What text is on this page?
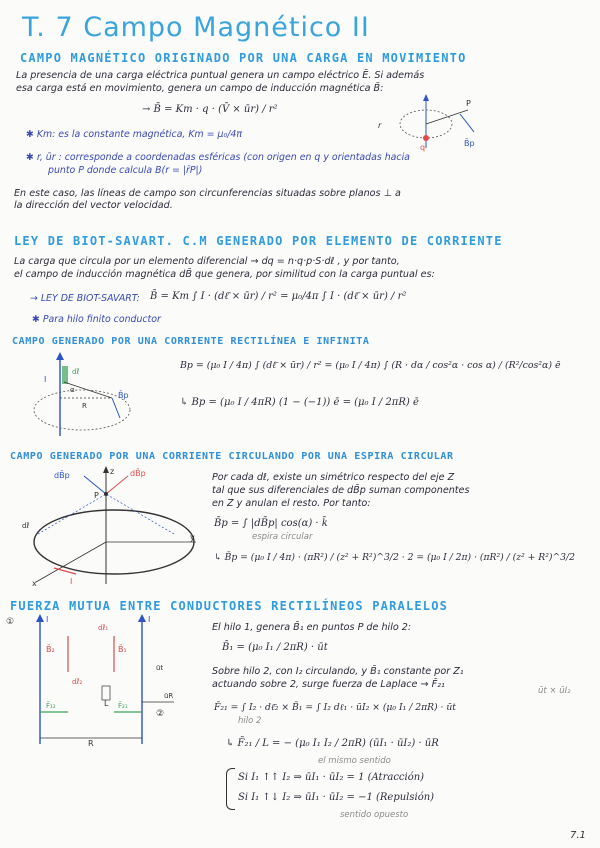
T. 7 Campo Magnético II
CAMPO MAGNÉTICO ORIGINADO POR UNA CARGA EN MOVIMIENTO
La presencia de una carga eléctrica puntual genera un campo eléctrico Ē. Si además
esa carga está en movimiento, genera un campo de inducción magnética B̄:
→ B̄ = Km · q · (V̄ × ūr) / r²
✱ Km: es la constante magnética, Km = μ₀/4π
✱ r, ūr : corresponde a coordenadas esféricas (con origen en q y orientadas hacia
punto P donde calcula B(r = |r̄P|)
En este caso, las líneas de campo son circunferencias situadas sobre planos ⊥ a
la dirección del vector velocidad.
r
q
P
B̄p
LEY DE BIOT-SAVART. C.M GENERADO POR ELEMENTO DE CORRIENTE
La carga que circula por un elemento diferencial → dq = n·q·p·S·dℓ , y por tanto,
el campo de inducción magnética dB̄ que genera, por similitud con la carga puntual es:
→ LEY DE BIOT-SAVART: B̄ = Km ∫ I · (dℓ̄ × ūr) / r² = μ₀/4π ∫ I · (dℓ̄ × ūr) / r²
✱ Para hilo finito conductor
CAMPO GENERADO POR UNA CORRIENTE RECTILÍNEA E INFINITA
Bp = (μ₀ I / 4π) ∫ (dℓ̄ × ūr) / r² = (μ₀ I / 4π) ∫ (R · dα / cos²α · cos α) / (R²/cos²α) ē
↳ Bp = (μ₀ I / 4πR) (1 − (−1)) ē = (μ₀ I / 2πR) ē
I
dℓ̄
R
α
B̄p
CAMPO GENERADO POR UNA CORRIENTE CIRCULANDO POR UNA ESPIRA CIRCULAR
Por cada dℓ, existe un simétrico respecto del eje Z
tal que sus diferenciales de dB̄p suman componentes
en Z y anulan el resto. Por tanto:
B̄p = ∫ |dB̄p| cos(α) · k̄
espira circular
↳ B̄p = (μ₀ I / 4π) · (πR²) / (z² + R²)^3/2 · 2 = (μ₀ I / 2π) · (πR²) / (z² + R²)^3/2
z
dB̄p	dB̄p
P
I
dℓ̄
y
x
FUERZA MUTUA ENTRE CONDUCTORES RECTILÍNEOS PARALELOS
El hilo 1, genera B̄₁ en puntos P de hilo 2:
B̄₁ = (μ₀ I₁ / 2πR) · ūt
Sobre hilo 2, con I₂ circulando, y B̄₁ constante por Z₁
actuando sobre 2, surge fuerza de Laplace → F̄₂₁
ūt × ūI₂
F̄₂₁ = ∫ I₂ · dℓ̄₂ × B̄₁ = ∫ I₂ dℓ₁ · ūI₂ × (μ₀ I₁ / 2πR) · ūt
hilo 2
↳ F̄₂₁ / L = − (μ₀ I₁ I₂ / 2πR) (ūI₁ · ūI₂) · ūR
el mismo sentido
Si I₁ ↑↑ I₂ ⇒ ūI₁ · ūI₂ = 1 (Atracción)
Si I₁ ↑↓ I₂ ⇒ ūI₁ · ūI₂ = −1 (Repulsión)
sentido opuesto
①
②
I	I
B̄₂	B̄₁
dℓ̄₁
dℓ̄₂
F̄₁₂	F̄₂₁
ūt
ūR
L
R
7.1
